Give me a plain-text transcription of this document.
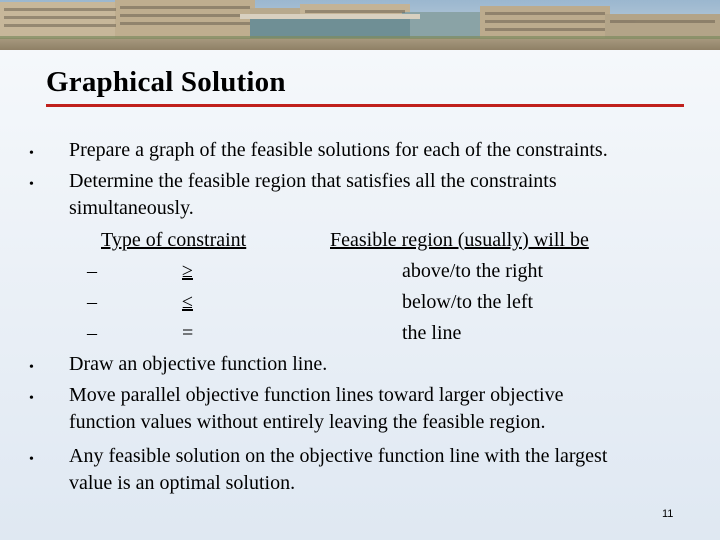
Graphical Solution
• Prepare a graph of the feasible solutions for each of the constraints.
• Determine the feasible region that satisfies all the constraints
simultaneously.
Type of constraint	Feasible region (usually) will be
–	≥	above/to the right
–	≤	below/to the left
–	=	the line
• Draw an objective function line.
• Move parallel objective function lines toward larger objective
function values without entirely leaving the feasible region.
• Any feasible solution on the objective function line with the largest
value is an optimal solution.
11
